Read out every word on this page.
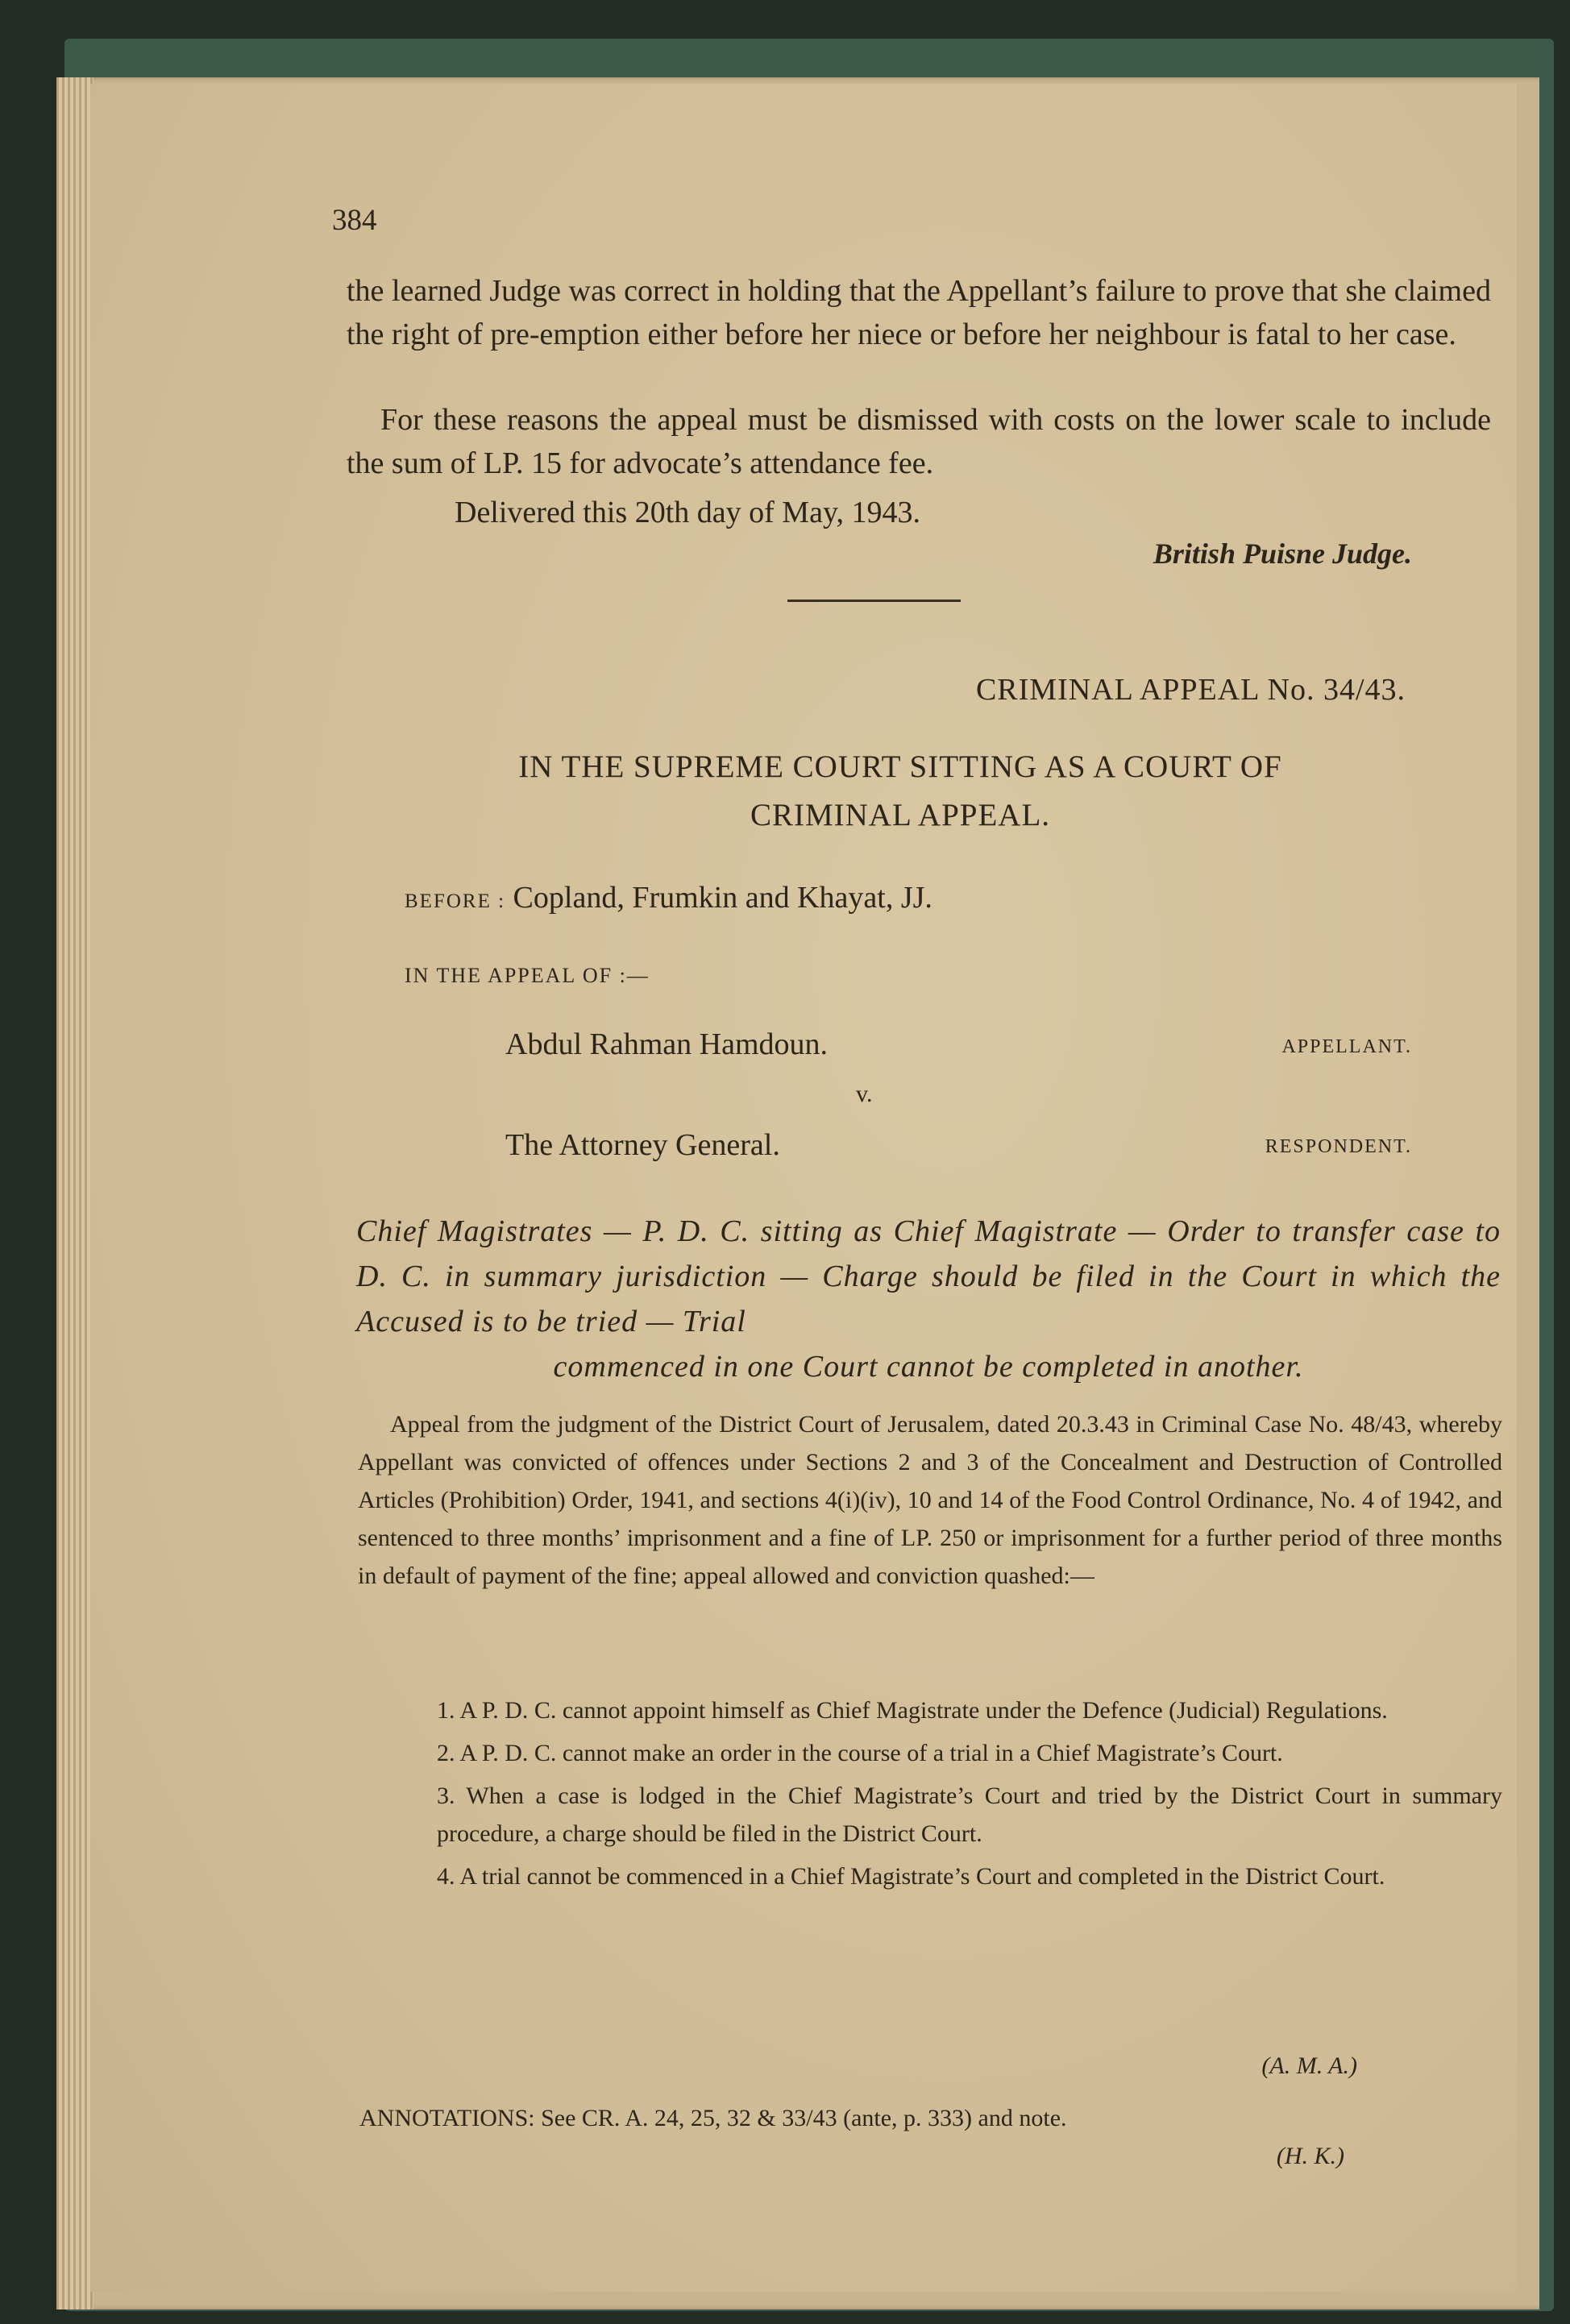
384

the learned Judge was correct in holding that the Appellant’s failure to prove that she claimed the right of pre-emption either before her niece or before her neighbour is fatal to her case.

For these reasons the appeal must be dismissed with costs on the lower scale to include the sum of LP. 15 for advocate’s attendance fee.

Delivered this 20th day of May, 1943.
British Puisne Judge.
CRIMINAL APPEAL No. 34/43.
IN THE SUPREME COURT SITTING AS A COURT OF
CRIMINAL APPEAL.
BEFORE : Copland, Frumkin and Khayat, JJ.
IN THE APPEAL OF :—
Abdul Rahman Hamdoun.	APPELLANT.
v.
The Attorney General.	RESPONDENT.
Chief Magistrates — P. D. C. sitting as Chief Magistrate — Order to transfer case to D. C. in summary jurisdiction — Charge should be filed in the Court in which the Accused is to be tried — Trial
commenced in one Court cannot be completed in another.

Appeal from the judgment of the District Court of Jerusalem, dated 20.3.43 in Criminal Case No. 48/43, whereby Appellant was convicted of offences under Sections 2 and 3 of the Concealment and Destruction of Controlled Articles (Prohibition) Order, 1941, and sections 4(i)(iv), 10 and 14 of the Food Control Ordinance, No. 4 of 1942, and sentenced to three months’ imprisonment and a fine of LP. 250 or imprisonment for a further period of three months in default of payment of the fine; appeal allowed and conviction quashed:—

1. A P. D. C. cannot appoint himself as Chief Magistrate under the Defence (Judicial) Regulations.
2. A P. D. C. cannot make an order in the course of a trial in a Chief Magistrate’s Court.
3. When a case is lodged in the Chief Magistrate’s Court and tried by the District Court in summary procedure, a charge should be filed in the District Court.
4. A trial cannot be commenced in a Chief Magistrate’s Court and completed in the District Court.
(A. M. A.)
ANNOTATIONS: See CR. A. 24, 25, 32 & 33/43 (ante, p. 333) and note.
(H. K.)
